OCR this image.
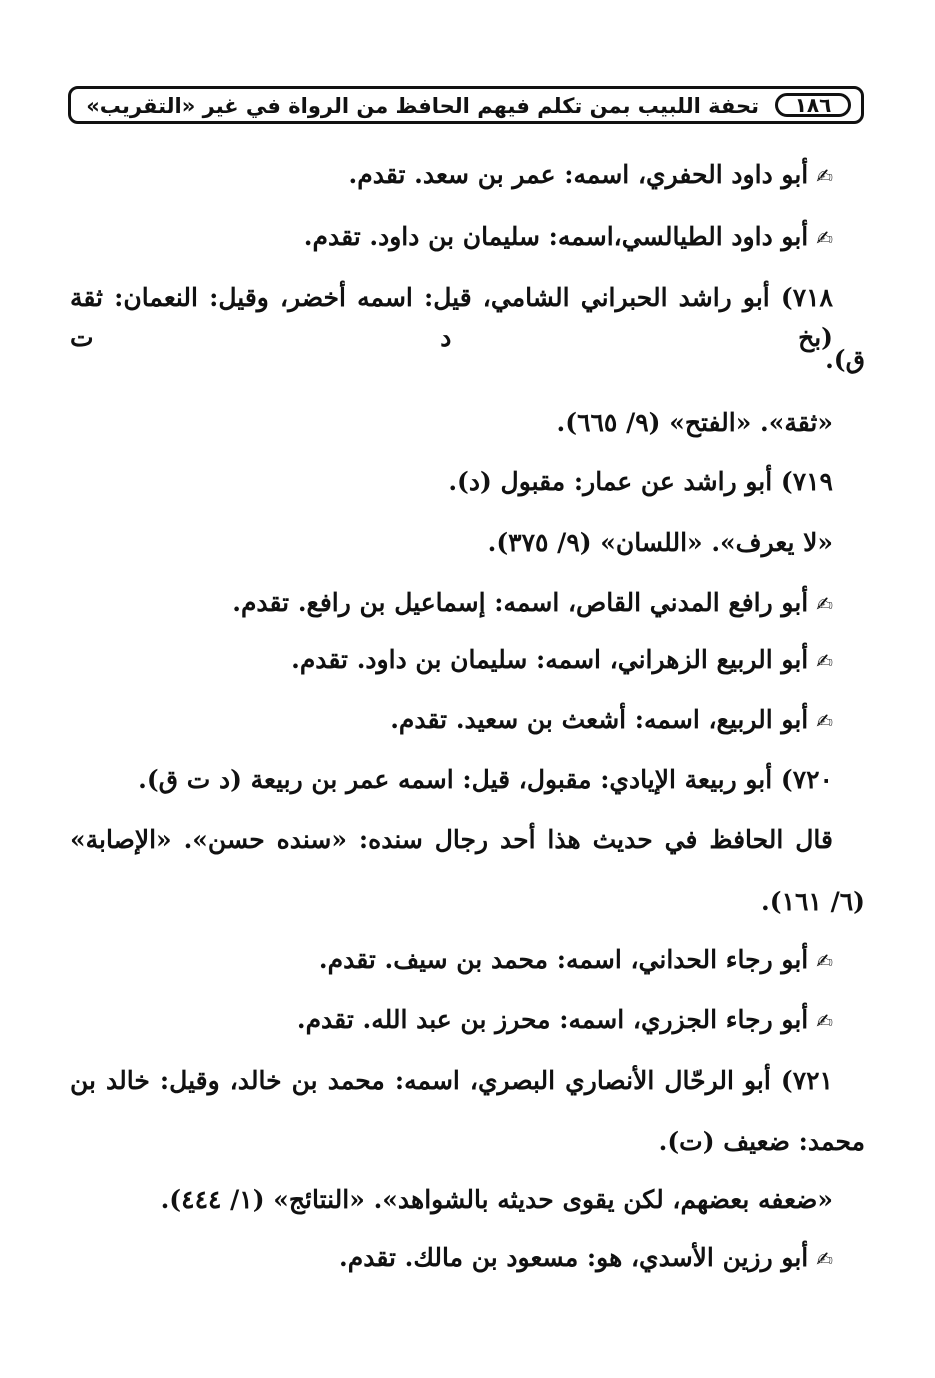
١٨٦
تحفة اللبيب بمن تكلم فيهم الحافظ من الرواة في غير «التقريب»
✍أبو داود الحفري، اسمه: عمر بن سعد. تقدم.
✍أبو داود الطيالسي،اسمه: سليمان بن داود. تقدم.
٧١٨) أبو راشد الحبراني الشامي، قيل: اسمه أخضر، وقيل: النعمان: ثقة (بخ د ت
ق).
«ثقة». «الفتح» (٩/ ٦٦٥).
٧١٩) أبو راشد عن عمار: مقبول (د).
«لا يعرف». «اللسان» (٩/ ٣٧٥).
✍أبو رافع المدني القاص، اسمه: إسماعيل بن رافع. تقدم.
✍أبو الربيع الزهراني، اسمه: سليمان بن داود. تقدم.
✍أبو الربيع، اسمه: أشعث بن سعيد. تقدم.
٧٢٠) أبو ربيعة الإيادي: مقبول، قيل: اسمه عمر بن ربيعة (د ت ق).
قال الحافظ في حديث هذا أحد رجال سنده: «سنده حسن». «الإصابة»
(٦/ ١٦١).
✍أبو رجاء الحداني، اسمه: محمد بن سيف. تقدم.
✍أبو رجاء الجزري، اسمه: محرز بن عبد الله. تقدم.
٧٢١) أبو الرحّال الأنصاري البصري، اسمه: محمد بن خالد، وقيل: خالد بن
محمد: ضعيف (ت).
«ضعفه بعضهم، لكن يقوى حديثه بالشواهد». «النتائج» (١/ ٤٤٤).
✍أبو رزين الأسدي، هو: مسعود بن مالك. تقدم.
